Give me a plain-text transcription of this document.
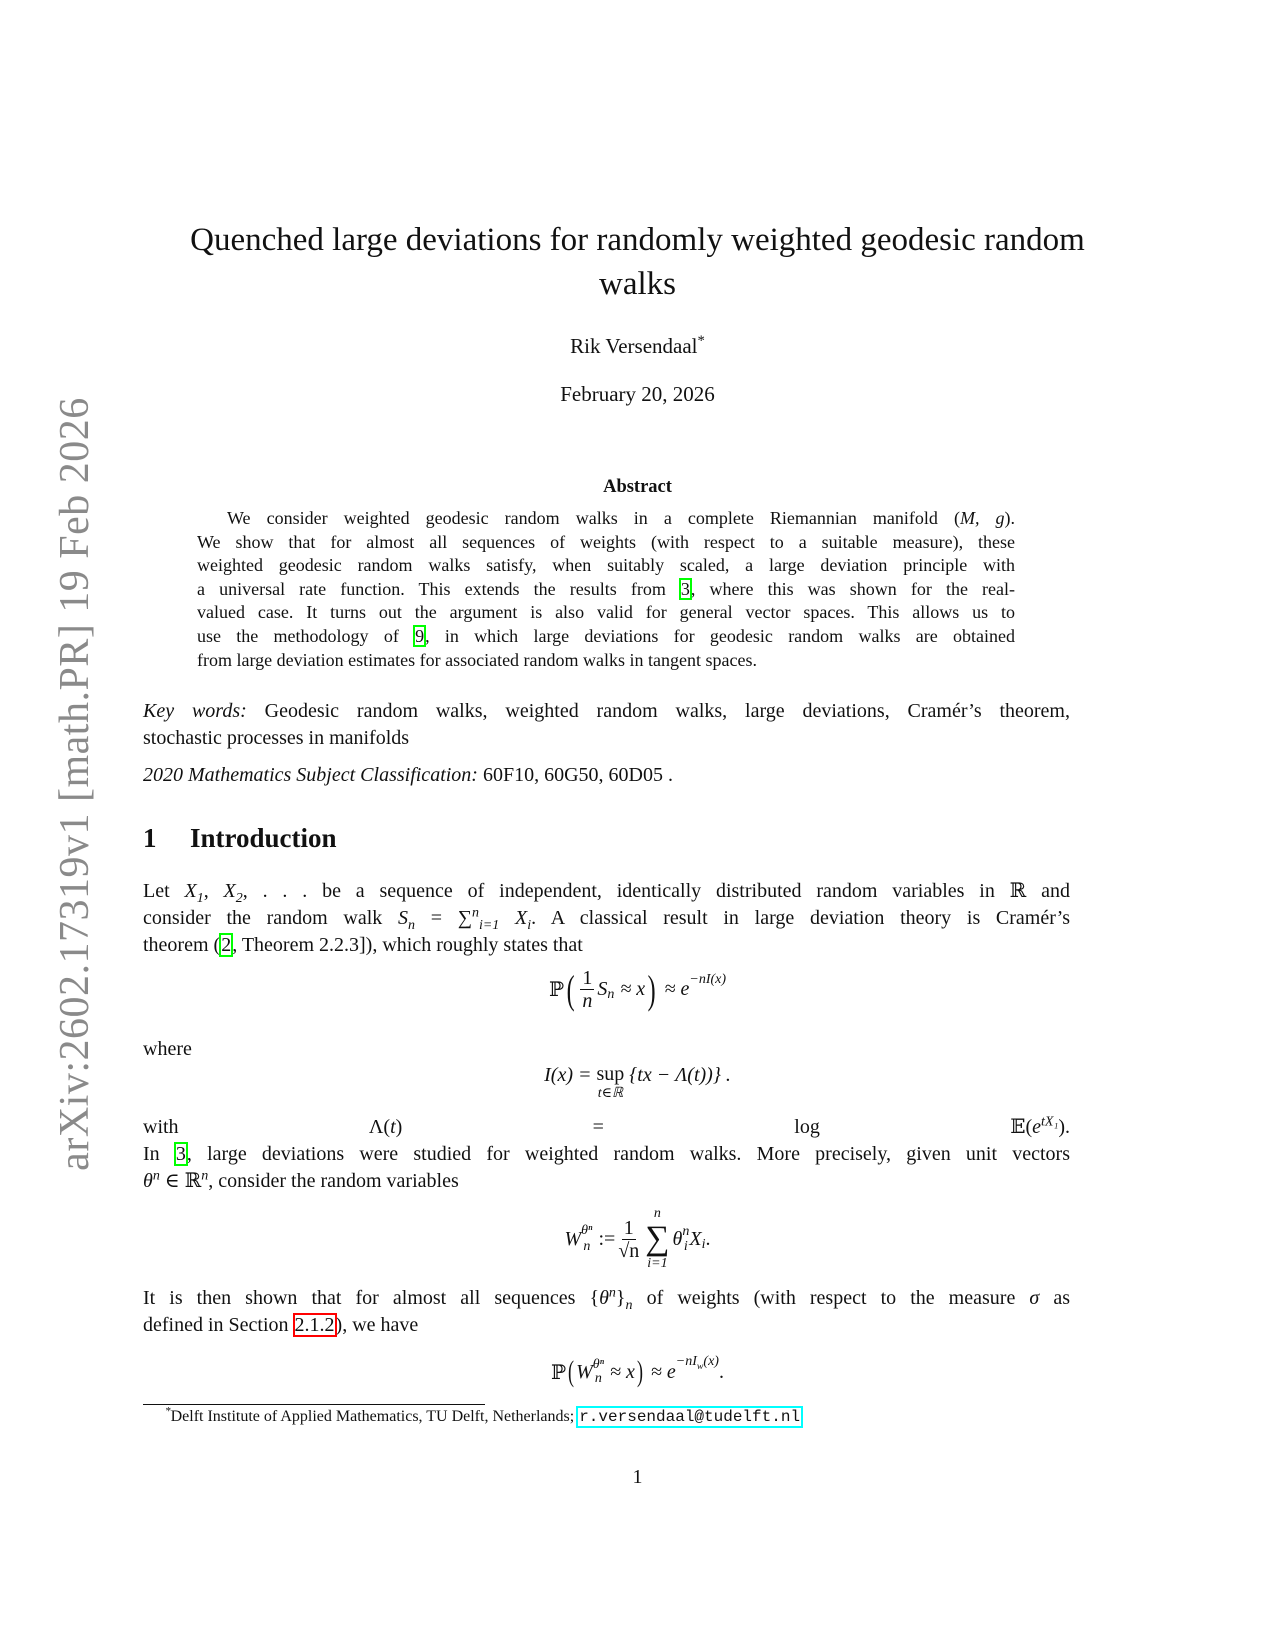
arXiv:2602.17319v1 [math.PR] 19 Feb 2026
Quenched large deviations for randomly weighted geodesic random
walks
Rik Versendaal*
February 20, 2026
Abstract
We consider weighted geodesic random walks in a complete Riemannian manifold (M, g).
We show that for almost all sequences of weights (with respect to a suitable measure), these
weighted geodesic random walks satisfy, when suitably scaled, a large deviation principle with
a universal rate function. This extends the results from 3, where this was shown for the real-
valued case. It turns out the argument is also valid for general vector spaces. This allows us to
use the methodology of 9, in which large deviations for geodesic random walks are obtained
from large deviation estimates for associated random walks in tangent spaces.
Key words: Geodesic random walks, weighted random walks, large deviations, Cramér’s theorem,
stochastic processes in manifolds
2020 Mathematics Subject Classification: 60F10, 60G50, 60D05 .
1 Introduction
Let $X_1$, $X_2$, . . . be a sequence of independent, identically distributed random variables in ℝ and
consider the random walk $S_n = \sum^n_{i=1}$ $X_i$. A classical result in large deviation theory is Cramér’s
theorem (2, Theorem 2.2.3]), which roughly states that
ℙ ( $\frac{1}{n} S_n \approx x$ ) ≈ $e^{-nI(x)}$
where
I(x) =
sup
t∈ℝ

{tx − Λ(t))} .
with $\Lambda(t) = \log 𝔼(e^{tX_1})$.
In 3, large deviations were studied for weighted random walks. More precisely, given unit vectors
$\theta^n$ ∈ ℝ$^n$, consider the random variables
W θⁿ
n := $\frac{1}{√n}$
n
∑
i=1
θ n
i $X_i$ .
It is then shown that for almost all sequences $\{\theta^n\}_n$ of weights (with respect to the measure σ as
defined in Section 2.1.2), we have
ℙ ( W θⁿ
n ≈ x ) ≈ e $^{-nI_w(x)}$ .
*Delft Institute of Applied Mathematics, TU Delft, Netherlands; r.versendaal@tudelft.nl
1
